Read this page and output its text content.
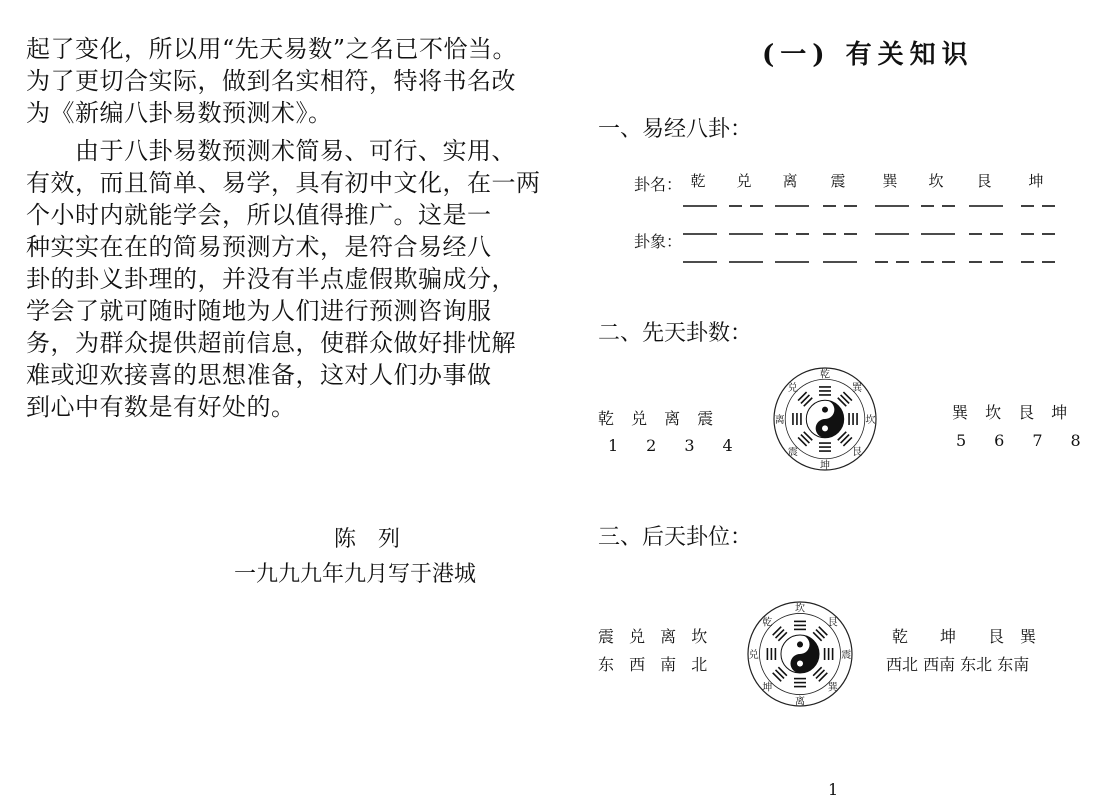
起了变化，所以用“先天易数”之名已不恰当。
为了更切合实际，做到名实相符，特将书名改
为《新编八卦易数预测术》。
　　由于八卦易数预测术简易、可行、实用、
有效，而且简单、易学，具有初中文化，在一两
个小时内就能学会，所以值得推广。这是一
种实实在在的简易预测方术，是符合易经八
卦的卦义卦理的，并没有半点虚假欺骗成分，
学会了就可随时随地为人们进行预测咨询服
务，为群众提供超前信息，使群众做好排忧解
难或迎欢接喜的思想准备，这对人们办事做
到心中有数是有好处的。
陈　列
一九九九年九月写于港城
(一) 有关知识
一、易经八卦：
卦名： 乾	兑	离	震	巽	坎	艮	坤
卦象：
二、先天卦数：
乾 兑 离 震
1　2　3　4
巽 坎 艮 坤
5　6　7　8
乾
巽
坎
艮
坤
震
离
兑
三、后天卦位：
震 兑 离 坎
东 西 南 北
乾　　坤　　艮　巽
西北 西南 东北 东南
坎
艮
震
巽
离
坤
兑
乾
1
